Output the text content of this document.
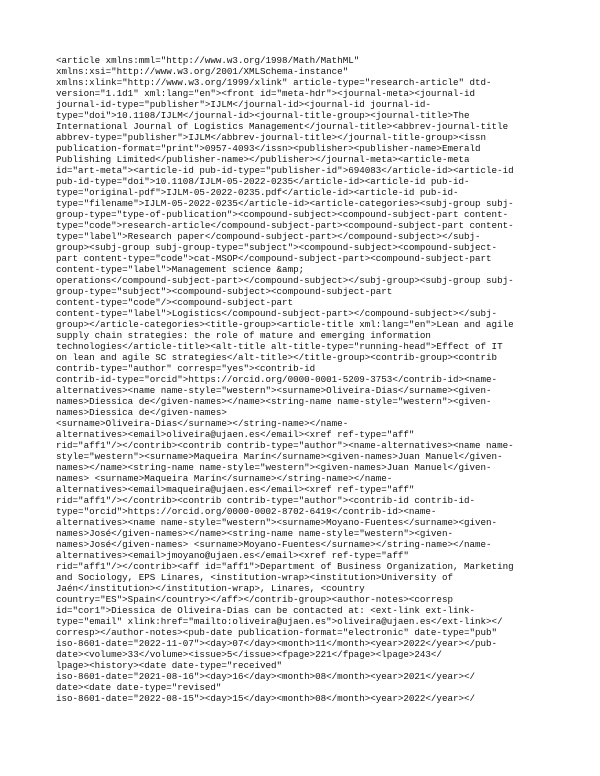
<article xmlns:mml="http://www.w3.org/1998/Math/MathML"
xmlns:xsi="http://www.w3.org/2001/XMLSchema-instance"
xmlns:xlink="http://www.w3.org/1999/xlink" article-type="research-article" dtd-
version="1.1d1" xml:lang="en"><front id="meta-hdr"><journal-meta><journal-id
journal-id-type="publisher">IJLM</journal-id><journal-id journal-id-
type="doi">10.1108/IJLM</journal-id><journal-title-group><journal-title>The
International Journal of Logistics Management</journal-title><abbrev-journal-title
abbrev-type="publisher">IJLM</abbrev-journal-title></journal-title-group><issn
publication-format="print">0957-4093</issn><publisher><publisher-name>Emerald
Publishing Limited</publisher-name></publisher></journal-meta><article-meta
id="art-meta"><article-id pub-id-type="publisher-id">694083</article-id><article-id
pub-id-type="doi">10.1108/IJLM-05-2022-0235</article-id><article-id pub-id-
type="original-pdf">IJLM-05-2022-0235.pdf</article-id><article-id pub-id-
type="filename">IJLM-05-2022-0235</article-id><article-categories><subj-group subj-
group-type="type-of-publication"><compound-subject><compound-subject-part content-
type="code">research-article</compound-subject-part><compound-subject-part content-
type="label">Research paper</compound-subject-part></compound-subject></subj-
group><subj-group subj-group-type="subject"><compound-subject><compound-subject-
part content-type="code">cat-MSOP</compound-subject-part><compound-subject-part
content-type="label">Management science &amp;
operations</compound-subject-part></compound-subject></subj-group><subj-group subj-
group-type="subject"><compound-subject><compound-subject-part
content-type="code"/><compound-subject-part
content-type="label">Logistics</compound-subject-part></compound-subject></subj-
group></article-categories><title-group><article-title xml:lang="en">Lean and agile
supply chain strategies: the role of mature and emerging information
technologies</article-title><alt-title alt-title-type="running-head">Effect of IT
on lean and agile SC strategies</alt-title></title-group><contrib-group><contrib
contrib-type="author" corresp="yes"><contrib-id
contrib-id-type="orcid">https://orcid.org/0000-0001-5209-3753</contrib-id><name-
alternatives><name name-style="western"><surname>Oliveira-Dias</surname><given-
names>Diessica de</given-names></name><string-name name-style="western"><given-
names>Diessica de</given-names>
<surname>Oliveira-Dias</surname></string-name></name-
alternatives><email>oliveira@ujaen.es</email><xref ref-type="aff"
rid="aff1"/></contrib><contrib contrib-type="author"><name-alternatives><name name-
style="western"><surname>Maqueira Marín</surname><given-names>Juan Manuel</given-
names></name><string-name name-style="western"><given-names>Juan Manuel</given-
names> <surname>Maqueira Marín</surname></string-name></name-
alternatives><email>maqueira@ujaen.es</email><xref ref-type="aff"
rid="aff1"/></contrib><contrib contrib-type="author"><contrib-id contrib-id-
type="orcid">https://orcid.org/0000-0002-8702-6419</contrib-id><name-
alternatives><name name-style="western"><surname>Moyano-Fuentes</surname><given-
names>José</given-names></name><string-name name-style="western"><given-
names>José</given-names> <surname>Moyano-Fuentes</surname></string-name></name-
alternatives><email>jmoyano@ujaen.es</email><xref ref-type="aff"
rid="aff1"/></contrib><aff id="aff1">Department of Business Organization, Marketing
and Sociology, EPS Linares, <institution-wrap><institution>University of
Jaén</institution></institution-wrap>, Linares, <country
country="ES">Spain</country></aff></contrib-group><author-notes><corresp
id="cor1">Diessica de Oliveira-Dias can be contacted at: <ext-link ext-link-
type="email" xlink:href="mailto:oliveira@ujaen.es">oliveira@ujaen.es</ext-link></
corresp></author-notes><pub-date publication-format="electronic" date-type="pub"
iso-8601-date="2022-11-07"><day>07</day><month>11</month><year>2022</year></pub-
date><volume>33</volume><issue>5</issue><fpage>221</fpage><lpage>243</
lpage><history><date date-type="received"
iso-8601-date="2021-08-16"><day>16</day><month>08</month><year>2021</year></
date><date date-type="revised"
iso-8601-date="2022-08-15"><day>15</day><month>08</month><year>2022</year></
